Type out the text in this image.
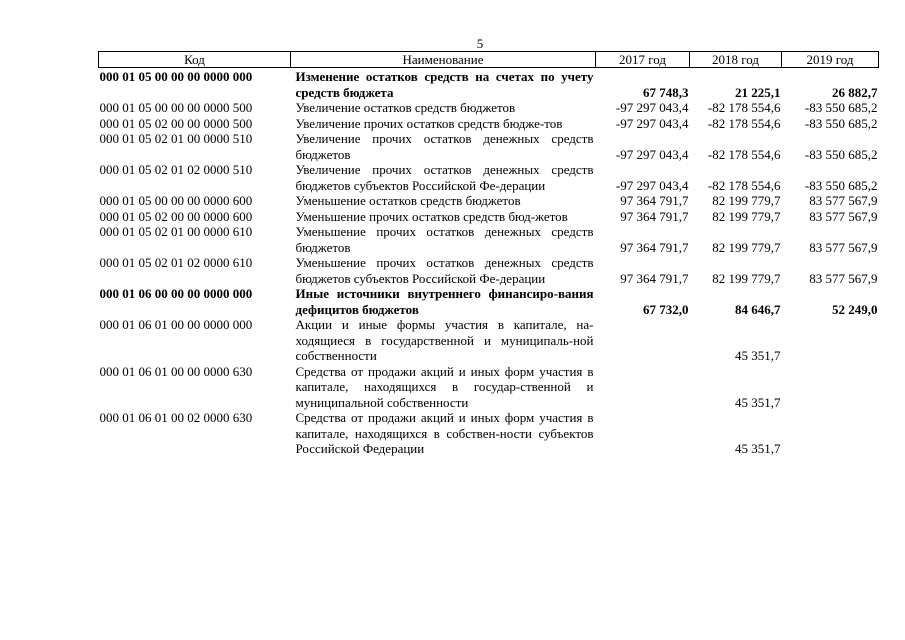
5
Код	Наименование	2017 год	2018 год	2019 год
000 01 05 00 00 00 0000 000	Изменение остатков средств на счетах по учету средств бюджета	67 748,3	21 225,1	26 882,7
000 01 05 00 00 00 0000 500	Увеличение остатков средств бюджетов	-97 297 043,4	-82 178 554,6	-83 550 685,2
000 01 05 02 00 00 0000 500	Увеличение прочих остатков средств бюдже-тов	-97 297 043,4	-82 178 554,6	-83 550 685,2
000 01 05 02 01 00 0000 510	Увеличение прочих остатков денежных средств бюджетов	-97 297 043,4	-82 178 554,6	-83 550 685,2
000 01 05 02 01 02 0000 510	Увеличение прочих остатков денежных средств бюджетов субъектов Российской Фе-дерации	-97 297 043,4	-82 178 554,6	-83 550 685,2
000 01 05 00 00 00 0000 600	Уменьшение остатков средств бюджетов	97 364 791,7	82 199 779,7	83 577 567,9
000 01 05 02 00 00 0000 600	Уменьшение прочих остатков средств бюд-жетов	97 364 791,7	82 199 779,7	83 577 567,9
000 01 05 02 01 00 0000 610	Уменьшение прочих остатков денежных средств бюджетов	97 364 791,7	82 199 779,7	83 577 567,9
000 01 05 02 01 02 0000 610	Уменьшение прочих остатков денежных средств бюджетов субъектов Российской Фе-дерации	97 364 791,7	82 199 779,7	83 577 567,9
000 01 06 00 00 00 0000 000	Иные источники внутреннего финансиро-вания дефицитов бюджетов	67 732,0	84 646,7	52 249,0
000 01 06 01 00 00 0000 000	Акции и иные формы участия в капитале, на-ходящиеся в государственной и муниципаль-ной собственности		45 351,7	
000 01 06 01 00 00 0000 630	Средства от продажи акций и иных форм участия в капитале, находящихся в государ-ственной и муниципальной собственности		45 351,7	
000 01 06 01 00 02 0000 630	Средства от продажи акций и иных форм участия в капитале, находящихся в собствен-ности субъектов Российской Федерации		45 351,7	
